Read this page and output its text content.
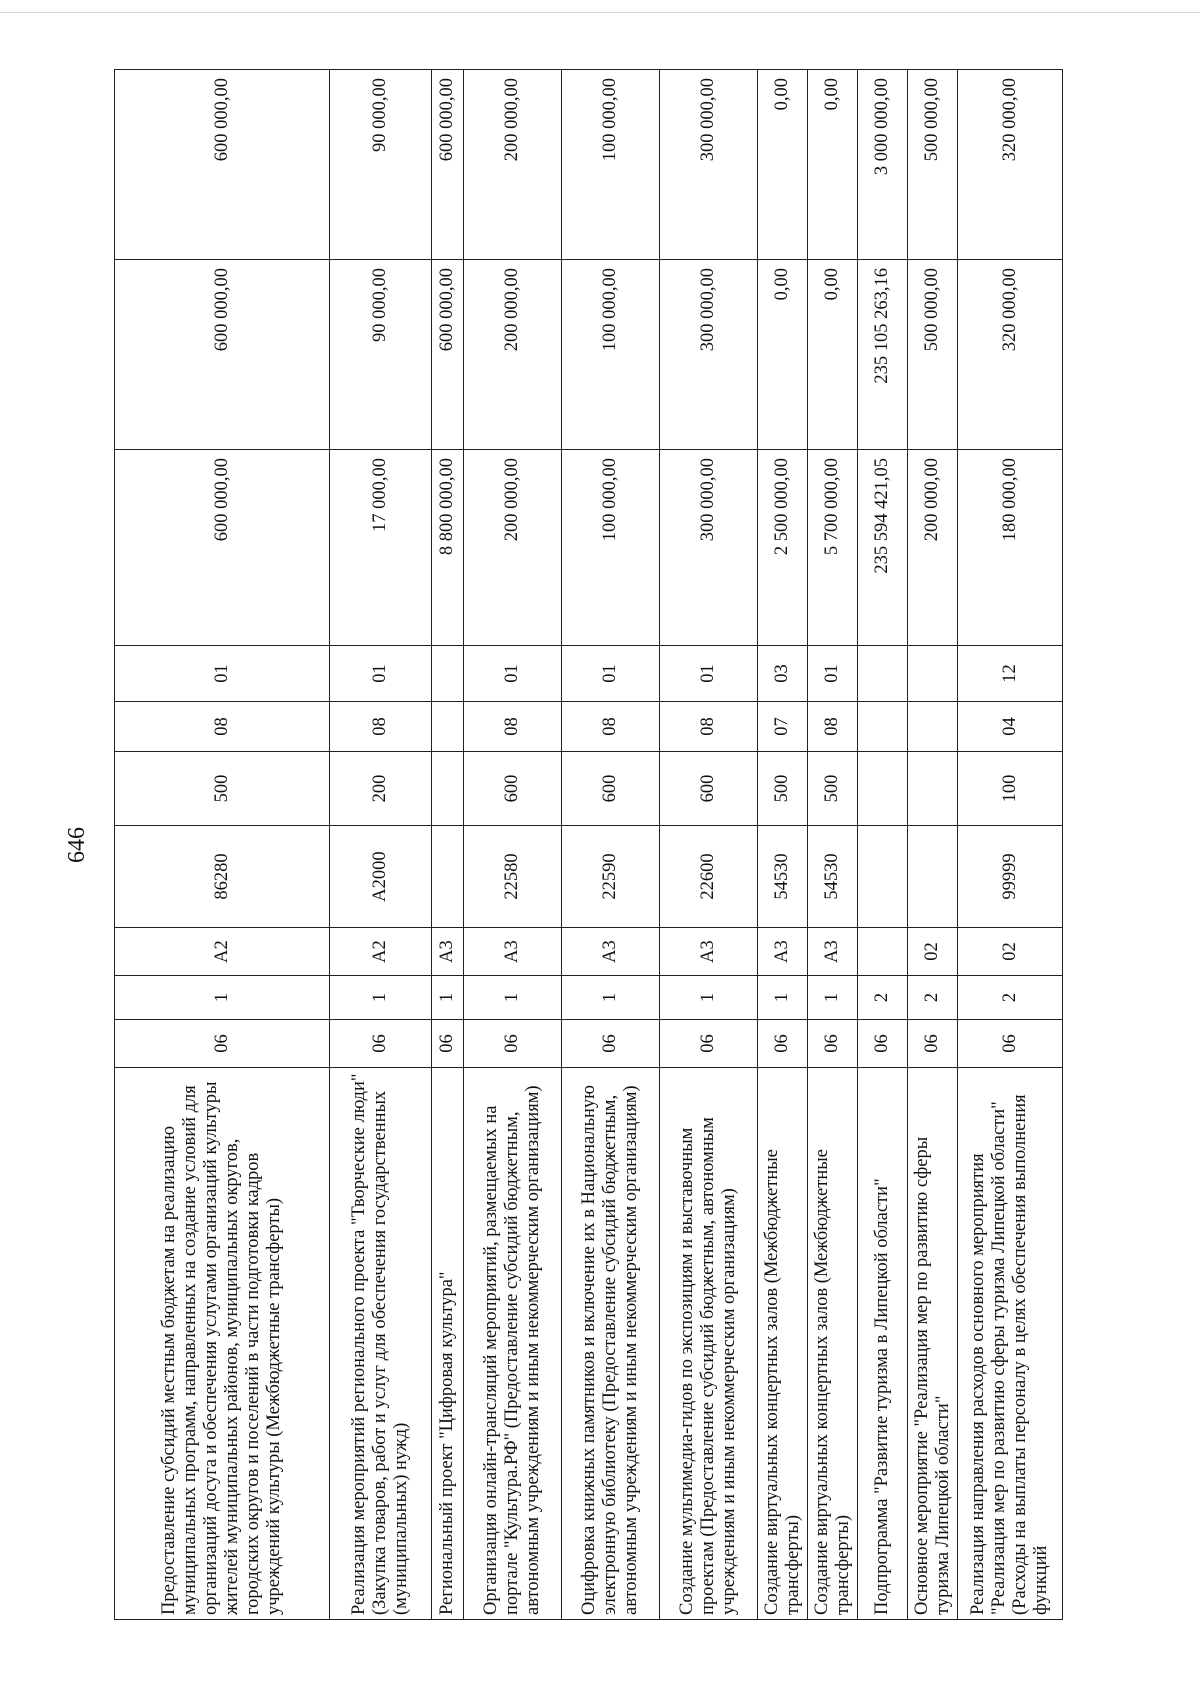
646
Предоставление субсидий местным бюджетам на реализацию муниципальных программ, направленных на создание условий для организаций досуга и обеспечения услугами организаций культуры жителей муниципальных районов, муниципальных округов, городских округов и поселений в части подготовки кадров учреждений культуры (Межбюджетные трансферты)	06	1	A2	86280	500	08	01	600 000,00	600 000,00	600 000,00
Реализация мероприятий регионального проекта "Творческие люди" (Закупка товаров, работ и услуг для обеспечения государственных (муниципальных) нужд)	06	1	A2	A2000	200	08	01	17 000,00	90 000,00	90 000,00
Региональный проект "Цифровая культура"	06	1	A3					8 800 000,00	600 000,00	600 000,00
Организация онлайн-трансляций мероприятий, размещаемых на портале "Культура.РФ" (Предоставление субсидий бюджетным, автономным учреждениям и иным некоммерческим организациям)	06	1	A3	22580	600	08	01	200 000,00	200 000,00	200 000,00
Оцифровка книжных памятников и включение их в Национальную электронную библиотеку (Предоставление субсидий бюджетным, автономным учреждениям и иным некоммерческим организациям)	06	1	A3	22590	600	08	01	100 000,00	100 000,00	100 000,00
Создание мультимедиа-гидов по экспозициям и выставочным проектам (Предоставление субсидий бюджетным, автономным учреждениям и иным некоммерческим организациям)	06	1	A3	22600	600	08	01	300 000,00	300 000,00	300 000,00
Создание виртуальных концертных залов (Межбюджетные трансферты)	06	1	A3	54530	500	07	03	2 500 000,00	0,00	0,00
Создание виртуальных концертных залов (Межбюджетные трансферты)	06	1	A3	54530	500	08	01	5 700 000,00	0,00	0,00
Подпрограмма "Развитие туризма в Липецкой области"	06	2						235 594 421,05	235 105 263,16	3 000 000,00
Основное мероприятие "Реализация мер по развитию сферы туризма Липецкой области"	06	2	02					200 000,00	500 000,00	500 000,00
Реализация направления расходов основного мероприятия "Реализация мер по развитию сферы туризма Липецкой области" (Расходы на выплаты персоналу в целях обеспечения выполнения функций	06	2	02	99999	100	04	12	180 000,00	320 000,00	320 000,00
